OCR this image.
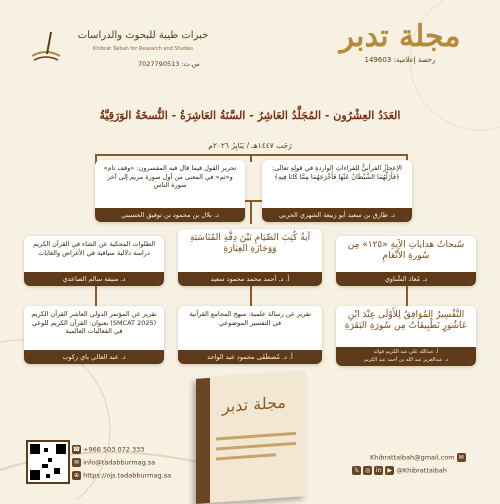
مجلة تدبر
رخصة إعلامية: 149603
خبرات طيبة للبحوث والدراسات
Khibrat Taibah for Research and Studies
س.ت: 7027790513
العَدَدُ العِشْرُون - المُجَلَّدُ العَاشِرُ - السَّنَةُ العَاشِرَةُ - النُّسخَةُ الوَرَقِيَّةُ
رَجَب ١٤٤٧هـ / يَنَايِرُ ٢٠٢٦م
الإعجازُ القرآنيُّ للقراءاتِ الواردةِ في قولِهِ تعالَى: ﴿فَأَزَلَّهُمَا الشَّيْطَانُ عَنْهَا فَأَخْرَجَهُمَا مِمَّا كَانَا فِيهِ﴾
د. طارق بن سعيد أبو زبيعة الشهري الحربي
تحرير القول فيما قال فيه المفسرون: «وقف تام» و«ثم» في المعنى من أول سورة مريم إلى آخر سورة الناس
د. بلال بن محمود بن توفيق الحسيني
سُبحاتُ هداياتِ الآيةِ «١٢٥» مِن سُورةِ الأَنْعَامِ
د. مُعاذ السَّناوي
آيةُ كُتِبَ الصِّيَامِ بَيْنَ دِقَّةِ المُنَاسَبَةِ وَوَجَازَةِ العِبَارَةِ
أ. د. أحمد محمد محمود سعيد
الطلوات المحكية عن الشاء في القرآن الكريم دراسة دلالية سياقية في الأغراض والغايات
د. منيفة سالم الصاعدي
التَّفْسِيرُ المُوَافِقُ لِلأَوْلَى عِنْدَ ابْنِ عَاشُورٍ تَطْبِيقَاتٌ مِن سُورَةِ البَقَرَةِ
أ. عبدالله علي عبد الكريم فوائد
د. عبدالعزيز عبد الله بن أحمد عبد الكريم
تقرير عن رسالة علمية: منهج المجامع القرآنية في التفسير الموضوعي
أ. د. مُصطَفَى محمود عبد الواحد
تقرير عن المؤتمر الدولي العاشر القرآن الكريم (SMCAT 2025) بعنوان: القرآن الكريم للوعي في الفعاليات العالمية
د. عبد العالي باي زكوب
مجلة تدبر
☎ +966 503 072 333
✉ info@tadabburmag.sa
⊕ https://ojs.tadabburmag.sa
Khibrattaibah@gmail.com ✉
𝕏 ◎ in ▶ @Khibrattaibah
